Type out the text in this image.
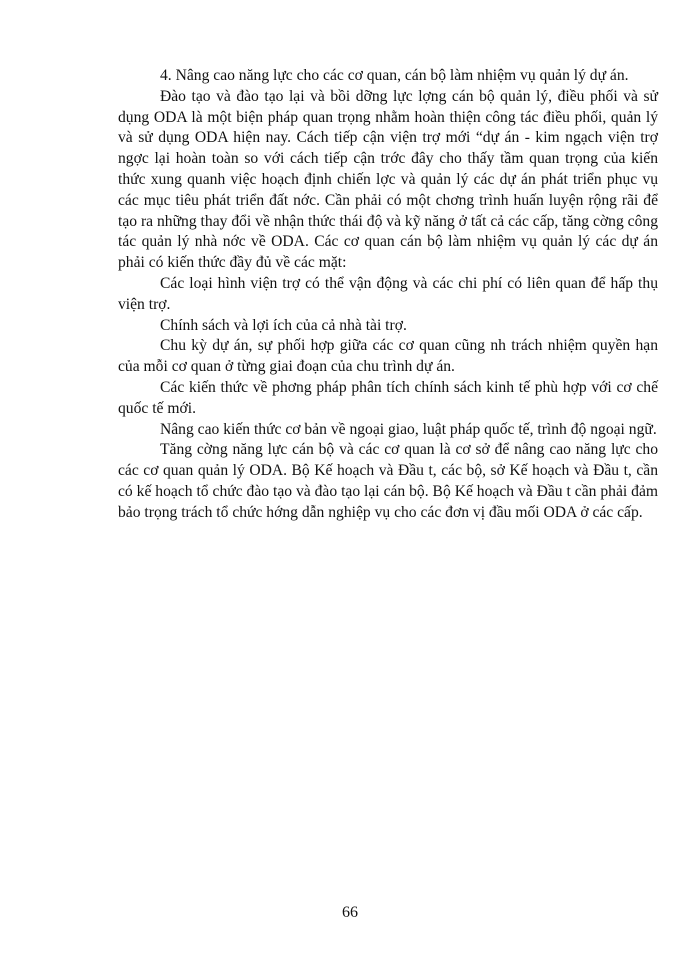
4. Nâng cao năng lực cho các cơ quan, cán bộ làm nhiệm vụ quản lý dự án.

Đào tạo và đào tạo lại và bồi dỡng lực lợng cán bộ quản lý, điều phối và sử dụng ODA là một biện pháp quan trọng nhằm hoàn thiện công tác điều phối, quản lý và sử dụng ODA hiện nay. Cách tiếp cận viện trợ mới “dự án - kim ngạch viện trợ ngợc lại hoàn toàn so với cách tiếp cận trớc đây cho thấy tầm quan trọng của kiến thức xung quanh việc hoạch định chiến lợc và quản lý các dự án phát triển phục vụ các mục tiêu phát triển đất nớc. Cần phải có một chơng trình huấn luyện rộng rãi để tạo ra những thay đổi về nhận thức thái độ và kỹ năng ở tất cả các cấp, tăng cờng công tác quản lý nhà nớc về ODA. Các cơ quan cán bộ làm nhiệm vụ quản lý các dự án phải có kiến thức đầy đủ về các mặt:

Các loại hình viện trợ có thể vận động và các chi phí có liên quan để hấp thụ viện trợ.

Chính sách và lợi ích của cả nhà tài trợ.

Chu kỳ dự án, sự phối hợp giữa các cơ quan cũng nh trách nhiệm quyền hạn của mỗi cơ quan ở từng giai đoạn của chu trình dự án.

Các kiến thức về phơng pháp phân tích chính sách kinh tế phù hợp với cơ chế quốc tế mới.

Nâng cao kiến thức cơ bản về ngoại giao, luật pháp quốc tế, trình độ ngoại ngữ.

Tăng cờng năng lực cán bộ và các cơ quan là cơ sở để nâng cao năng lực cho các cơ quan quản lý ODA. Bộ Kế hoạch và Đầu t, các bộ, sở Kế hoạch và Đầu t, cần có kế hoạch tổ chức đào tạo và đào tạo lại cán bộ. Bộ Kế hoạch và Đầu t cần phải đảm bảo trọng trách tổ chức hớng dẫn nghiệp vụ cho các đơn vị đầu mối ODA ở các cấp.

66
